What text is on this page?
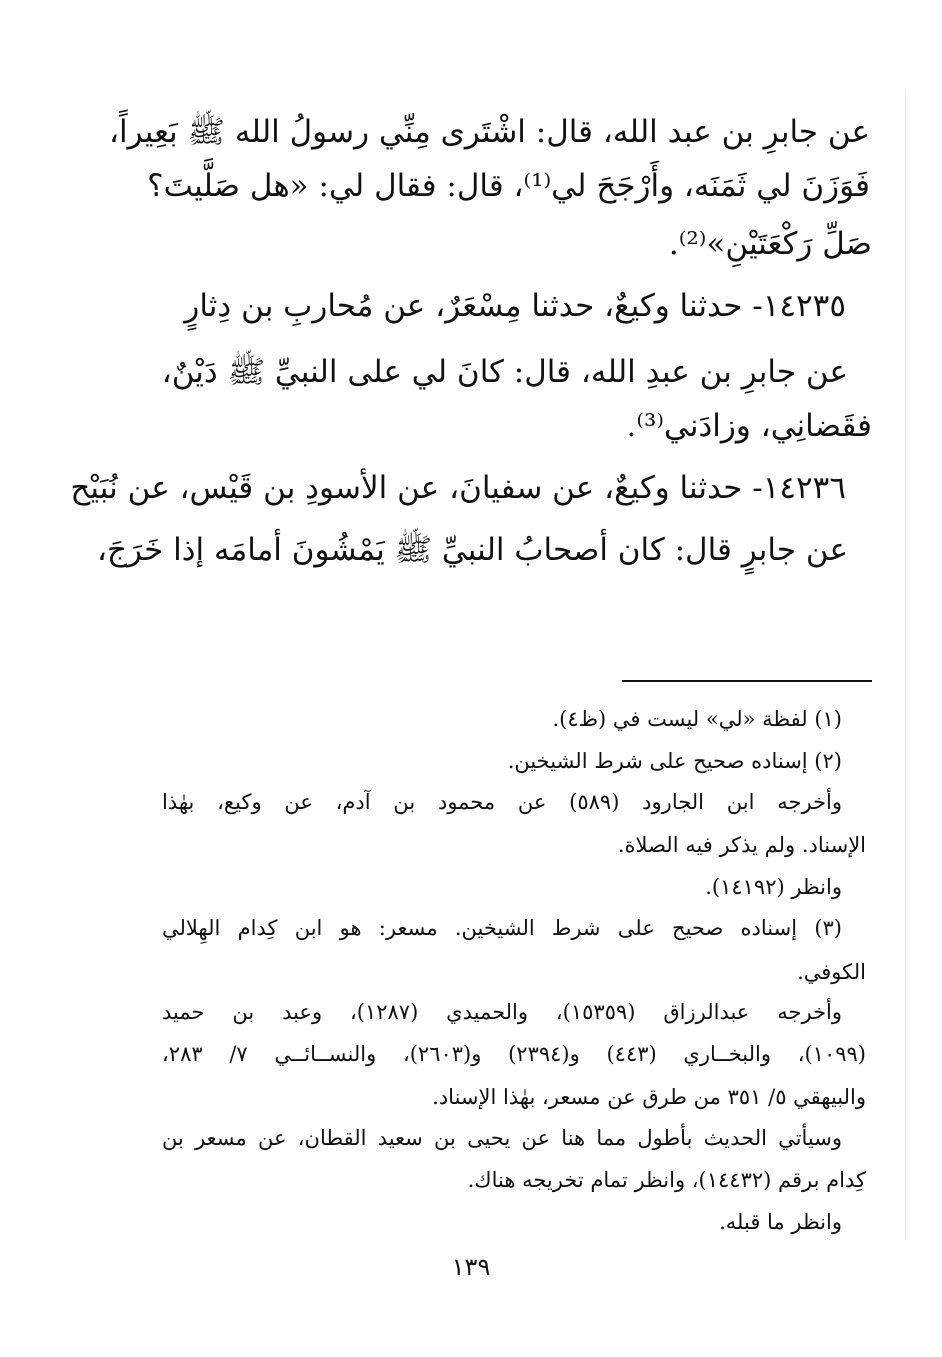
عن جابرِ بن عبد الله، قال: اشْتَرى مِنِّي رسولُ الله ﷺ بَعِيراً،
فَوَزَنَ لي ثَمَنَه، وأَرْجَحَ لي⁽¹⁾، قال: فقال لي: «هل صَلَّيتَ؟
صَلِّ رَكْعَتَيْنِ»⁽²⁾.
١٤٢٣٥- حدثنا وكيعٌ، حدثنا مِسْعَرٌ، عن مُحاربِ بن دِثارٍ
عن جابرِ بن عبدِ الله، قال: كانَ لي على النبيِّ ﷺ دَيْنٌ،
فقَضانِي، وزادَني⁽³⁾.
١٤٢٣٦- حدثنا وكيعٌ، عن سفيانَ، عن الأسودِ بن قَيْس، عن نُبَيْح
عن جابرٍ قال: كان أصحابُ النبيِّ ﷺ يَمْشُونَ أمامَه إذا خَرَجَ،
(١) لفظة «لي» ليست في (ظ٤).
(٢) إسناده صحيح على شرط الشيخين.
وأخرجه ابن الجارود (٥٨٩) عن محمود بن آدم، عن وكيع، بهٰذا
الإسناد. ولم يذكر فيه الصلاة.
وانظر (١٤١٩٢).
(٣) إسناده صحيح على شرط الشيخين. مسعر: هو ابن كِدام الهِلالي
الكوفي.
وأخرجه عبدالرزاق (١٥٣٥٩)، والحميدي (١٢٨٧)، وعبد بن حميد
(١٠٩٩)، والبخــاري (٤٤٣) و(٢٣٩٤) و(٢٦٠٣)، والنســائــي ٧/ ٢٨٣،
والبيهقي ٥/ ٣٥١ من طرق عن مسعر، بهٰذا الإسناد.
وسيأتي الحديث بأطول مما هنا عن يحيى بن سعيد القطان، عن مسعر بن
كِدام برقم (١٤٤٣٢)، وانظر تمام تخريجه هناك.
وانظر ما قبله.
١٣٩
